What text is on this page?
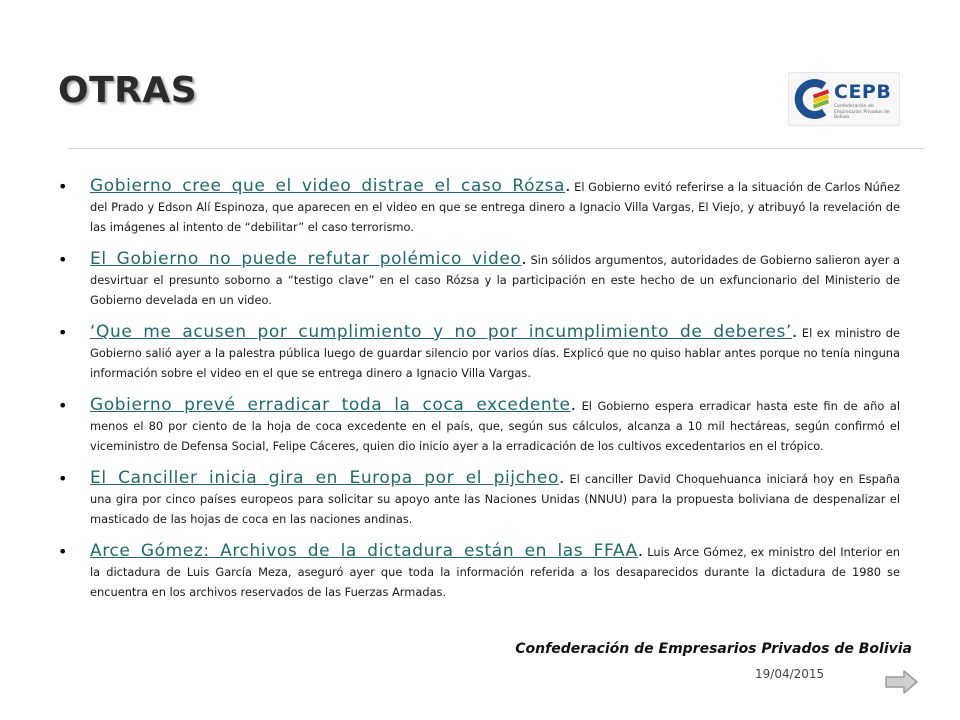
OTRAS	CEPB
Confederación de Empresarios Privados de Bolivia
• Gobierno cree que el video distrae el caso Rózsa. El Gobierno evitó referirse a la situación de Carlos Núñez del Prado y Edson Alí Espinoza, que aparecen en el video en que se entrega dinero a Ignacio Villa Vargas, El Viejo, y atribuyó la revelación de las imágenes al intento de “debilitar” el caso terrorismo.
• El Gobierno no puede refutar polémico video. Sin sólidos argumentos, autoridades de Gobierno salieron ayer a desvirtuar el presunto soborno a “testigo clave” en el caso Rózsa y la participación en este hecho de un exfuncionario del Ministerio de Gobierno develada en un video.
• ‘Que me acusen por cumplimiento y no por incumplimiento de deberes’. El ex ministro de Gobierno salió ayer a la palestra pública luego de guardar silencio por varios días. Explicó que no quiso hablar antes porque no tenía ninguna información sobre el video en el que se entrega dinero a Ignacio Villa Vargas.
• Gobierno prevé erradicar toda la coca excedente. El Gobierno espera erradicar hasta este fin de año al menos el 80 por ciento de la hoja de coca excedente en el país, que, según sus cálculos, alcanza a 10 mil hectáreas, según confirmó el viceministro de Defensa Social, Felipe Cáceres, quien dio inicio ayer a la erradicación de los cultivos excedentarios en el trópico.
• El Canciller inicia gira en Europa por el pijcheo. El canciller David Choquehuanca iniciará hoy en España una gira por cinco países europeos para solicitar su apoyo ante las Naciones Unidas (NNUU) para la propuesta boliviana de despenalizar el masticado de las hojas de coca en las naciones andinas.
• Arce Gómez: Archivos de la dictadura están en las FFAA. Luis Arce Gómez, ex ministro del Interior en la dictadura de Luis García Meza, aseguró ayer que toda la información referida a los desaparecidos durante la dictadura de 1980 se encuentra en los archivos reservados de las Fuerzas Armadas.
Confederación de Empresarios Privados de Bolivia
19/04/2015
